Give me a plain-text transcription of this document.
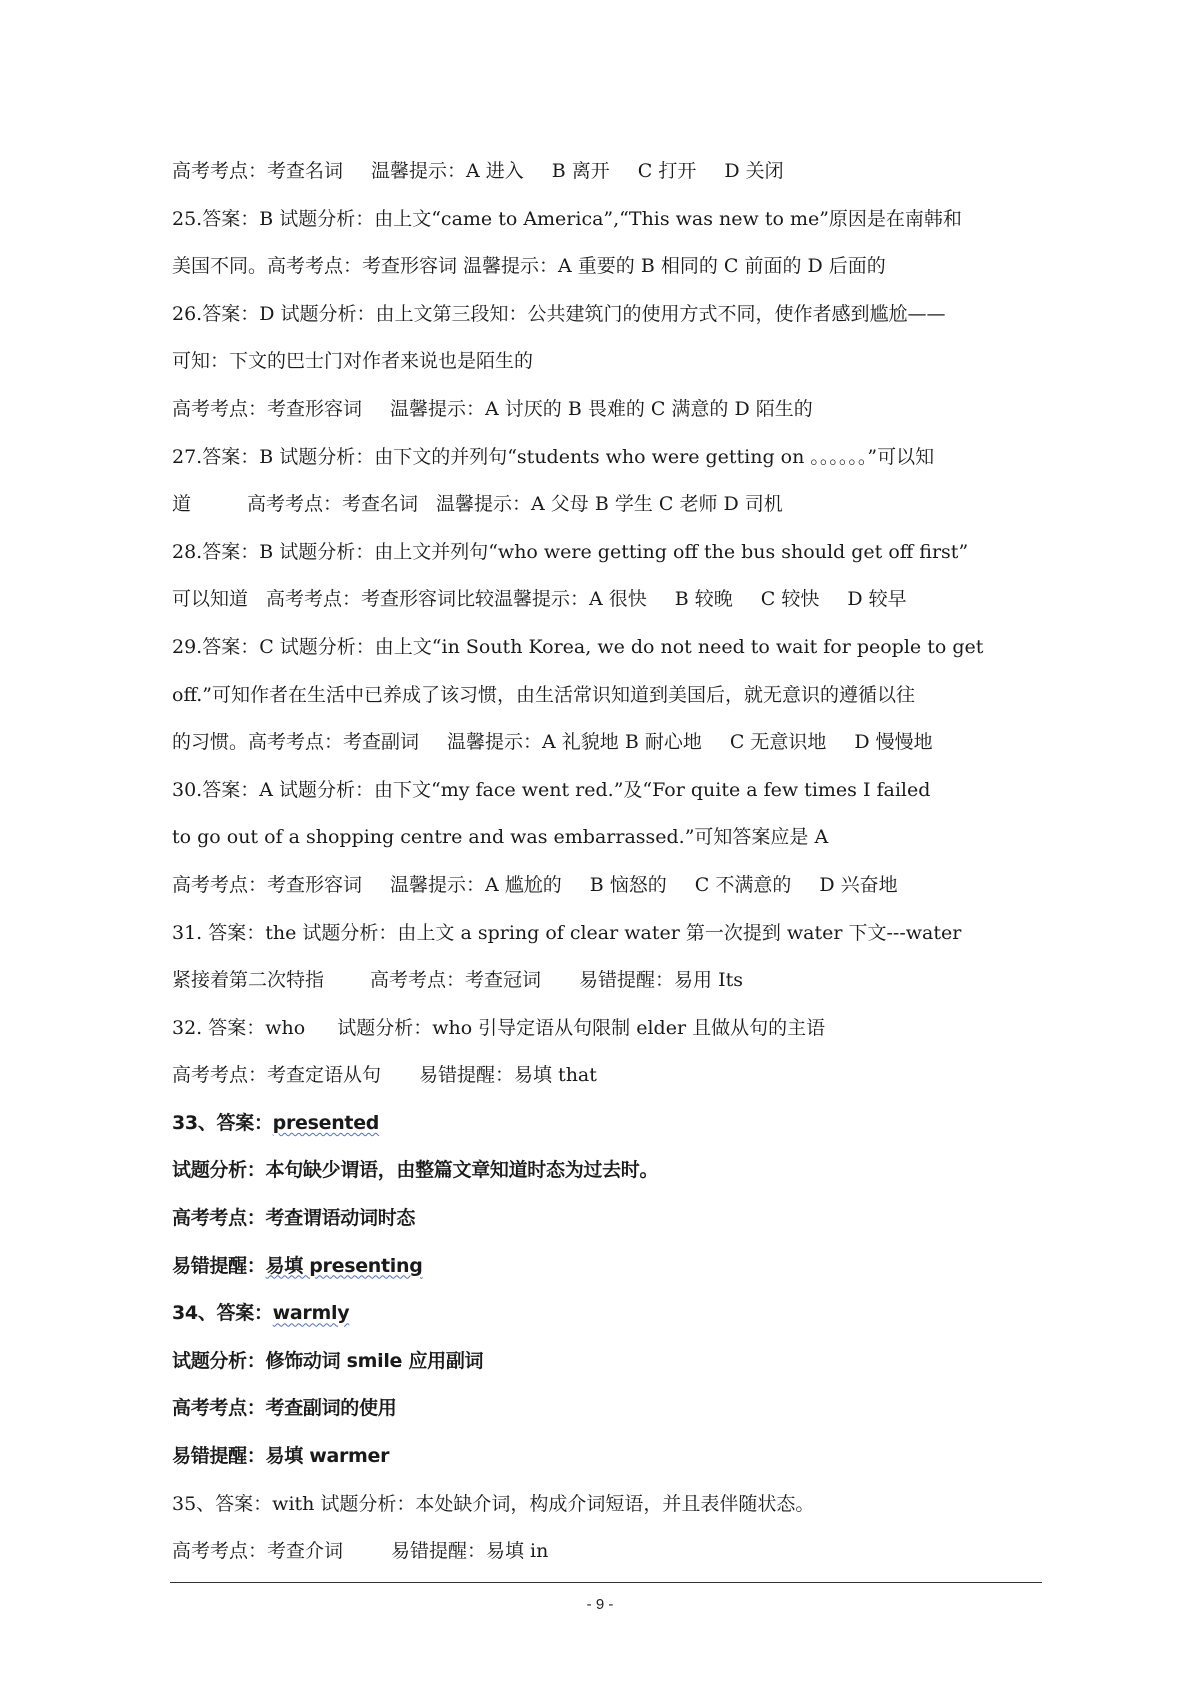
高考考点：考查名词 温馨提示：A 进入 B 离开 C 打开 D 关闭
25.答案：B 试题分析：由上文“came to America”,“This was new to me”原因是在南韩和
美国不同。高考考点：考查形容词 温馨提示：A 重要的 B 相同的 C 前面的 D 后面的
26.答案：D 试题分析：由上文第三段知：公共建筑门的使用方式不同，使作者感到尴尬——
可知：下文的巴士门对作者来说也是陌生的
高考考点：考查形容词 温馨提示：A 讨厌的 B 畏难的 C 满意的 D 陌生的
27.答案：B 试题分析：由下文的并列句“students who were getting on 。。。。。。”可以知
道	高考考点：考查名词 温馨提示：A 父母 B 学生 C 老师 D 司机
28.答案：B 试题分析：由上文并列句“who were getting off the bus should get off first”
可以知道 高考考点：考查形容词比较温馨提示：A 很快 B 较晚 C 较快 D 较早
29.答案：C 试题分析：由上文“in South Korea, we do not need to wait for people to get
off.”可知作者在生活中已养成了该习惯，由生活常识知道到美国后，就无意识的遵循以往
的习惯。高考考点：考查副词 温馨提示：A 礼貌地 B 耐心地 C 无意识地 D 慢慢地
30.答案：A 试题分析：由下文“my face went red.”及“For quite a few times I failed
to go out of a shopping centre and was embarrassed.”可知答案应是 A
高考考点：考查形容词 温馨提示：A 尴尬的 B 恼怒的 C 不满意的 D 兴奋地
31. 答案：the 试题分析：由上文 a spring of clear water 第一次提到 water 下文---water
紧接着第二次特指 高考考点：考查冠词 易错提醒：易用 Its
32. 答案：who 试题分析：who 引导定语从句限制 elder 且做从句的主语
高考考点：考查定语从句 易错提醒：易填 that
33、答案：presented
试题分析：本句缺少谓语，由整篇文章知道时态为过去时。
高考考点：考查谓语动词时态
易错提醒：易填 presenting
34、答案：warmly
试题分析：修饰动词 smile 应用副词
高考考点：考查副词的使用
易错提醒：易填 warmer
35、答案：with 试题分析：本处缺介词，构成介词短语，并且表伴随状态。
高考考点：考查介词	易错提醒：易填 in
- 9 -
